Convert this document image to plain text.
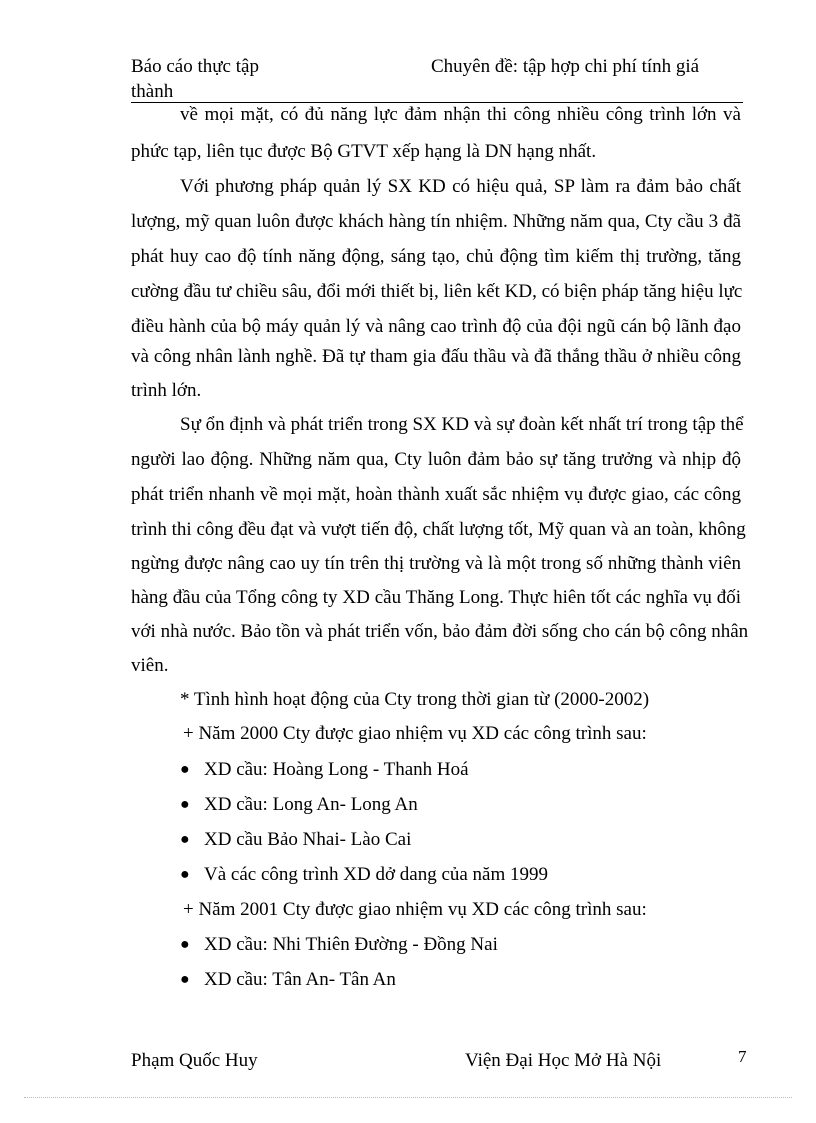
Báo cáo thực tập
thành
Chuyên đề: tập hợp chi phí tính giá
về mọi mặt, có đủ năng lực đảm nhận thi công nhiều công trình lớn và
phức tạp, liên tục được Bộ GTVT xếp hạng là DN hạng nhất.
Với phương pháp quản lý SX KD có hiệu quả, SP làm ra đảm bảo chất
lượng, mỹ quan luôn được khách hàng tín nhiệm. Những năm qua, Cty cầu 3 đã
phát huy cao độ tính năng động, sáng tạo, chủ động tìm kiếm thị trường, tăng
cường đầu tư chiều sâu, đổi mới thiết bị, liên kết KD, có biện pháp tăng hiệu lực
điều hành của bộ máy quản lý và nâng cao trình độ của đội ngũ cán bộ lãnh đạo
và công nhân lành nghề. Đã tự tham gia đấu thầu và đã thắng thầu ở nhiều công
trình lớn.
Sự ổn định và phát triển trong SX KD và sự đoàn kết nhất trí trong tập thể
người lao động. Những năm qua, Cty luôn đảm bảo sự tăng trưởng và nhịp độ
phát triển nhanh về mọi mặt, hoàn thành xuất sắc nhiệm vụ được giao, các công
trình thi công đều đạt và vượt tiến độ, chất lượng tốt, Mỹ quan và an toàn, không
ngừng được nâng cao uy tín trên thị trường và là một trong số những thành viên
hàng đầu của Tổng công ty XD cầu Thăng Long. Thực hiên tốt các nghĩa vụ đối
với nhà nước. Bảo tồn và phát triển vốn, bảo đảm đời sống cho cán bộ công nhân
viên.
* Tình hình hoạt động của Cty trong thời gian từ (2000-2002)
+ Năm 2000 Cty được giao nhiệm vụ XD các công trình sau:
● XD cầu: Hoàng Long - Thanh Hoá
● XD cầu: Long An- Long An
● XD cầu Bảo Nhai- Lào Cai
● Và các công trình XD dở dang của năm 1999
+ Năm 2001 Cty được giao nhiệm vụ XD các công trình sau:
● XD cầu: Nhi Thiên Đường - Đồng Nai
● XD cầu: Tân An- Tân An
Phạm Quốc Huy	Viện Đại Học Mở Hà Nội	7
